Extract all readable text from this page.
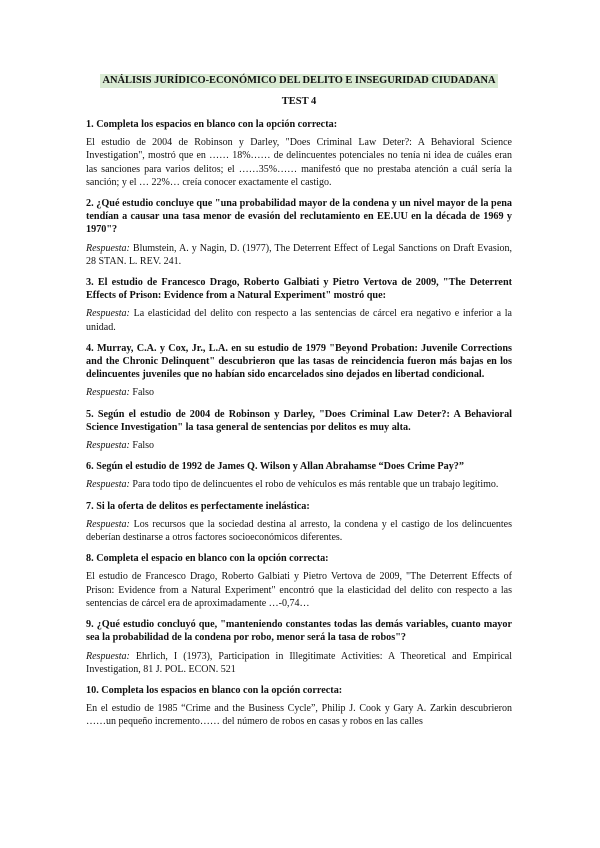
ANÁLISIS JURÍDICO-ECONÓMICO DEL DELITO E INSEGURIDAD CIUDADANA
TEST 4

1. Completa los espacios en blanco con la opción correcta:

El estudio de 2004 de Robinson y Darley, "Does Criminal Law Deter?: A Behavioral Science Investigation", mostró que en …… 18%…… de delincuentes potenciales no tenía ni idea de cuáles eran las sanciones para varios delitos; el ……35%…… manifestó que no prestaba atención a cuál sería la sanción; y el … 22%… creía conocer exactamente el castigo.

2. ¿Qué estudio concluye que "una probabilidad mayor de la condena y un nivel mayor de la pena tendían a causar una tasa menor de evasión del reclutamiento en EE.UU en la década de 1969 y 1970"?

Respuesta: Blumstein, A. y Nagin, D. (1977), The Deterrent Effect of Legal Sanctions on Draft Evasion, 28 STAN. L. REV. 241.

3. El estudio de Francesco Drago, Roberto Galbiati y Pietro Vertova de 2009, "The Deterrent Effects of Prison: Evidence from a Natural Experiment" mostró que:

Respuesta: La elasticidad del delito con respecto a las sentencias de cárcel era negativo e inferior a la unidad.

4. Murray, C.A. y Cox, Jr., L.A. en su estudio de 1979 "Beyond Probation: Juvenile Corrections and the Chronic Delinquent" descubrieron que las tasas de reincidencia fueron más bajas en los delincuentes juveniles que no habían sido encarcelados sino dejados en libertad condicional.

Respuesta: Falso

5. Según el estudio de 2004 de Robinson y Darley, "Does Criminal Law Deter?: A Behavioral Science Investigation" la tasa general de sentencias por delitos es muy alta.

Respuesta: Falso

6. Según el estudio de 1992 de James Q. Wilson y Allan Abrahamse “Does Crime Pay?”

Respuesta: Para todo tipo de delincuentes el robo de vehículos es más rentable que un trabajo legítimo.

7. Si la oferta de delitos es perfectamente inelástica:

Respuesta: Los recursos que la sociedad destina al arresto, la condena y el castigo de los delincuentes deberían destinarse a otros factores socioeconómicos diferentes.

8. Completa el espacio en blanco con la opción correcta:

El estudio de Francesco Drago, Roberto Galbiati y Pietro Vertova de 2009, "The Deterrent Effects of Prison: Evidence from a Natural Experiment" encontró que la elasticidad del delito con respecto a las sentencias de cárcel era de aproximadamente …-0,74…

9. ¿Qué estudio concluyó que, "manteniendo constantes todas las demás variables, cuanto mayor sea la probabilidad de la condena por robo, menor será la tasa de robos"?

Respuesta: Ehrlich, I (1973), Participation in Illegitimate Activities: A Theoretical and Empirical Investigation, 81 J. POL. ECON. 521

10. Completa los espacios en blanco con la opción correcta:

En el estudio de 1985 “Crime and the Business Cycle”, Philip J. Cook y Gary A. Zarkin descubrieron ……un pequeño incremento…… del número de robos en casas y robos en las calles
